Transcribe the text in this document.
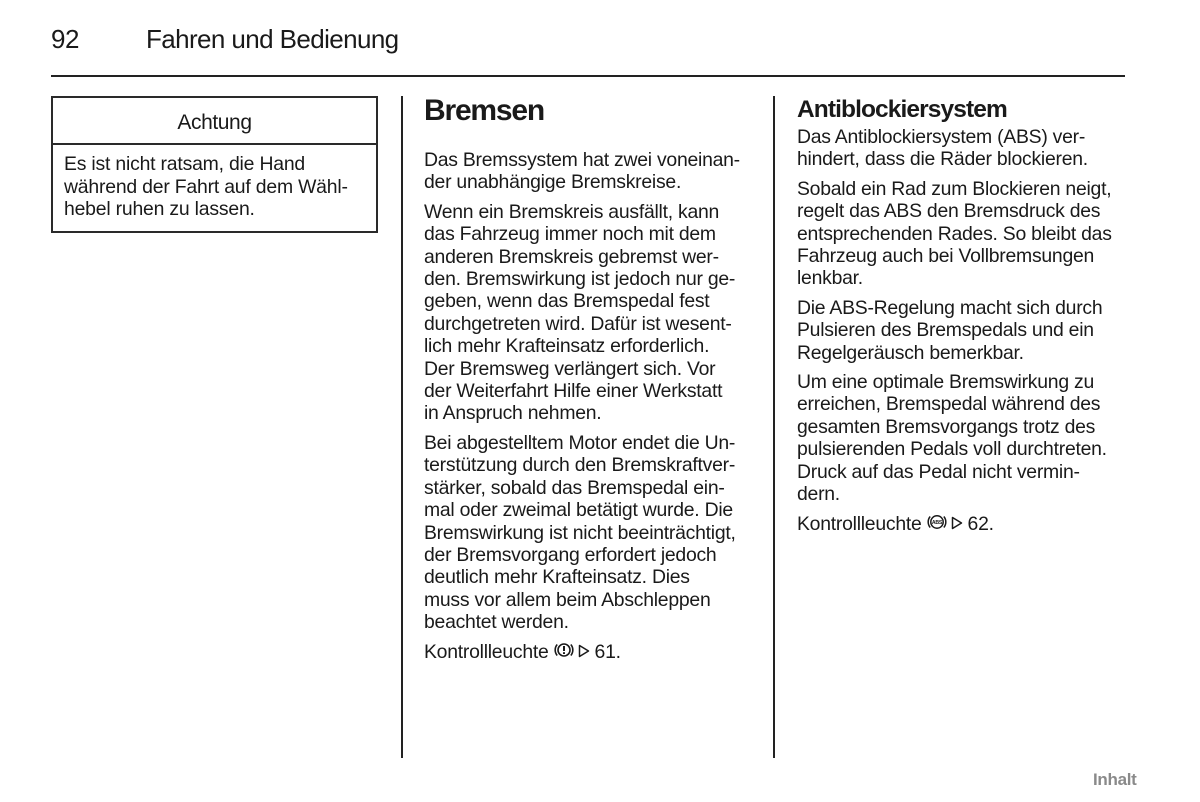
92	Fahren und Bedienung
Achtung
Es ist nicht ratsam, die Hand
während der Fahrt auf dem Wähl-
hebel ruhen zu lassen.
Bremsen
Das Bremssystem hat zwei voneinan-
der unabhängige Bremskreise.
Wenn ein Bremskreis ausfällt, kann
das Fahrzeug immer noch mit dem
anderen Bremskreis gebremst wer-
den. Bremswirkung ist jedoch nur ge-
geben, wenn das Bremspedal fest
durchgetreten wird. Dafür ist wesent-
lich mehr Krafteinsatz erforderlich.
Der Bremsweg verlängert sich. Vor
der Weiterfahrt Hilfe einer Werkstatt
in Anspruch nehmen.
Bei abgestelltem Motor endet die Un-
terstützung durch den Bremskraftver-
stärker, sobald das Bremspedal ein-
mal oder zweimal betätigt wurde. Die
Bremswirkung ist nicht beeinträchtigt,
der Bremsvorgang erfordert jedoch
deutlich mehr Krafteinsatz. Dies
muss vor allem beim Abschleppen
beachtet werden.
Kontrollleuchte 61.
Antiblockiersystem
Das Antiblockiersystem (ABS) ver-
hindert, dass die Räder blockieren.
Sobald ein Rad zum Blockieren neigt,
regelt das ABS den Bremsdruck des
entsprechenden Rades. So bleibt das
Fahrzeug auch bei Vollbremsungen
lenkbar.
Die ABS-Regelung macht sich durch
Pulsieren des Bremspedals und ein
Regelgeräusch bemerkbar.
Um eine optimale Bremswirkung zu
erreichen, Bremspedal während des
gesamten Bremsvorgangs trotz des
pulsierenden Pedals voll durchtreten.
Druck auf das Pedal nicht vermin-
dern.
Kontrollleuchte ABS 62.
Inhalt
